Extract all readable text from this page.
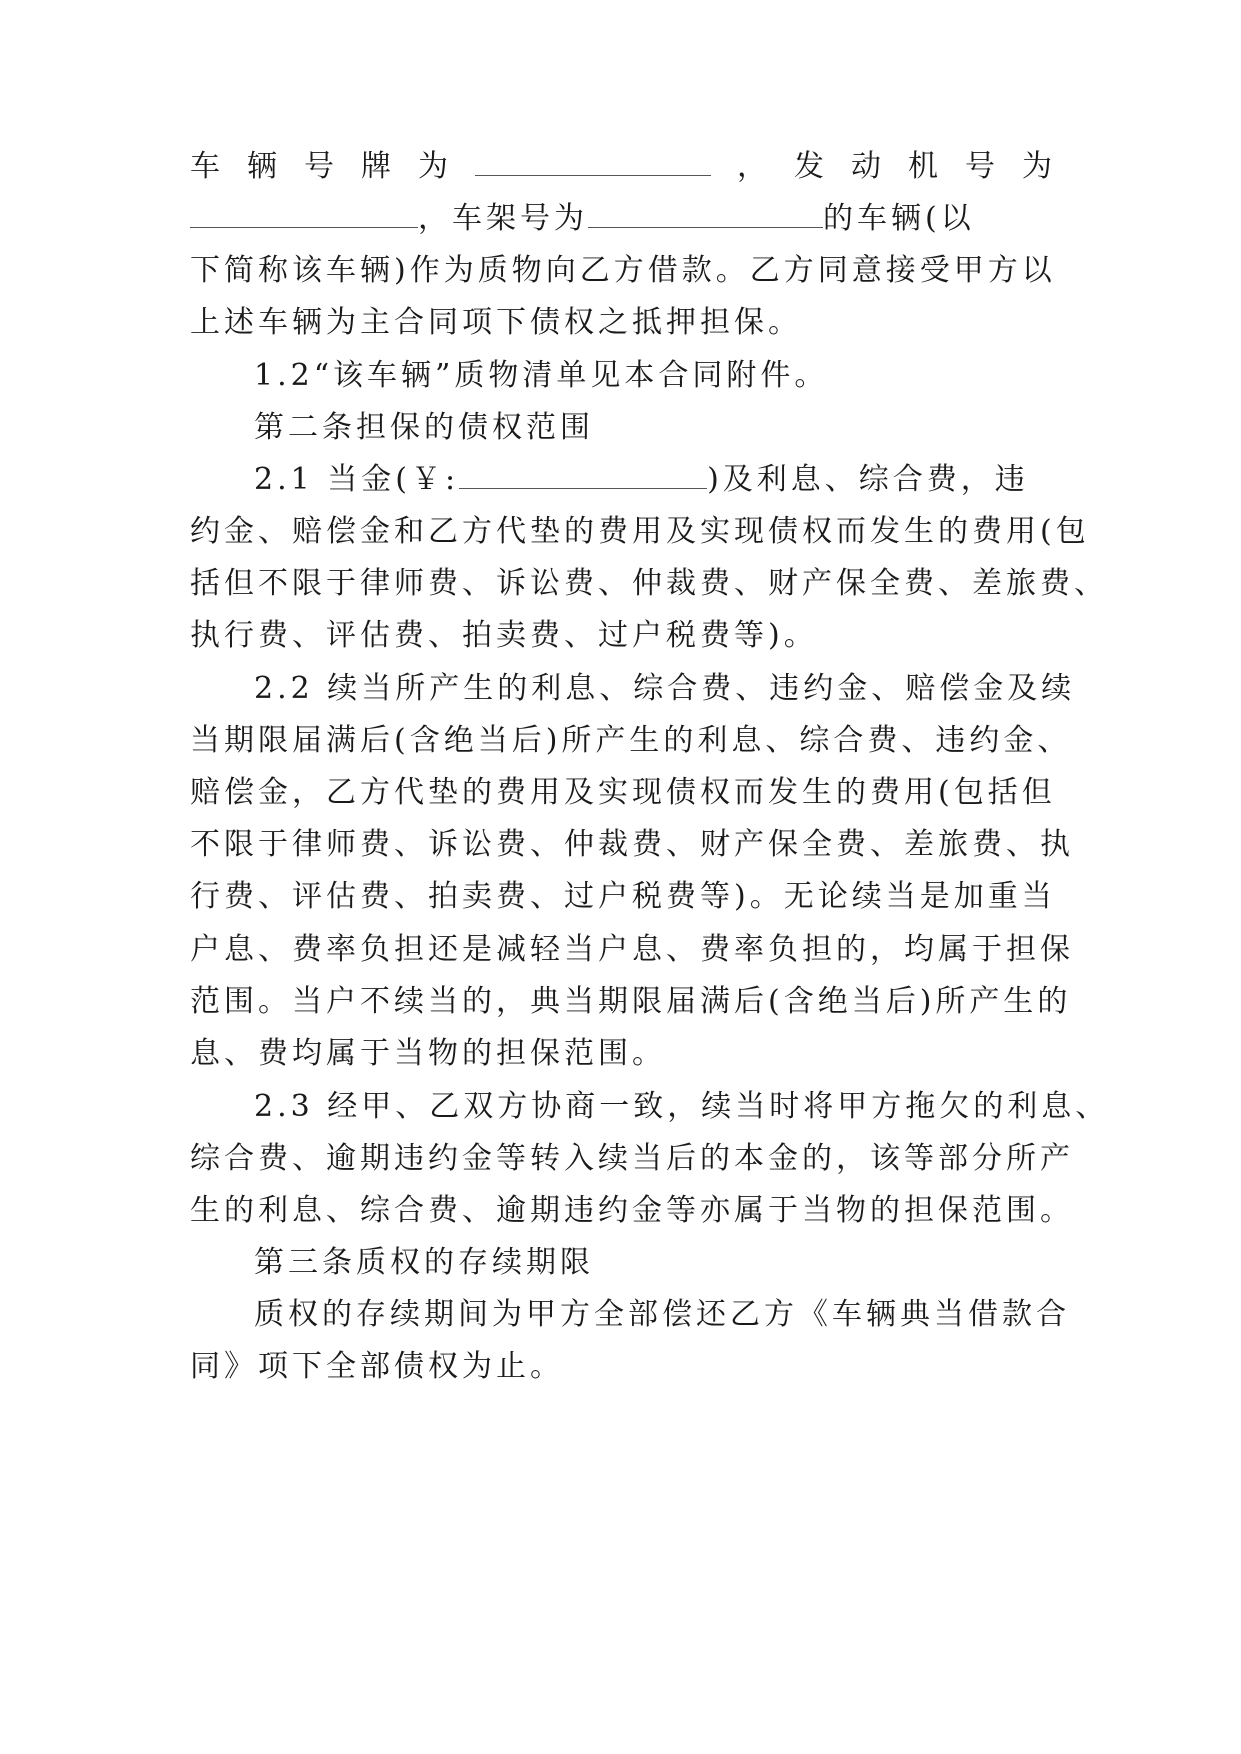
车辆号牌为	，发动机号为
，车架号为	的车辆(以
下简称该车辆)作为质物向乙方借款。乙方同意接受甲方以
上述车辆为主合同项下债权之抵押担保。
1.2“该车辆”质物清单见本合同附件。
第二条担保的债权范围
2.1 当金(￥:	)及利息、综合费，违
约金、赔偿金和乙方代垫的费用及实现债权而发生的费用(包
括但不限于律师费、诉讼费、仲裁费、财产保全费、差旅费、
执行费、评估费、拍卖费、过户税费等)。
2.2 续当所产生的利息、综合费、违约金、赔偿金及续
当期限届满后(含绝当后)所产生的利息、综合费、违约金、
赔偿金，乙方代垫的费用及实现债权而发生的费用(包括但
不限于律师费、诉讼费、仲裁费、财产保全费、差旅费、执
行费、评估费、拍卖费、过户税费等)。无论续当是加重当
户息、费率负担还是减轻当户息、费率负担的，均属于担保
范围。当户不续当的，典当期限届满后(含绝当后)所产生的
息、费均属于当物的担保范围。
2.3 经甲、乙双方协商一致，续当时将甲方拖欠的利息、
综合费、逾期违约金等转入续当后的本金的，该等部分所产
生的利息、综合费、逾期违约金等亦属于当物的担保范围。
第三条质权的存续期限
质权的存续期间为甲方全部偿还乙方《车辆典当借款合
同》项下全部债权为止。
